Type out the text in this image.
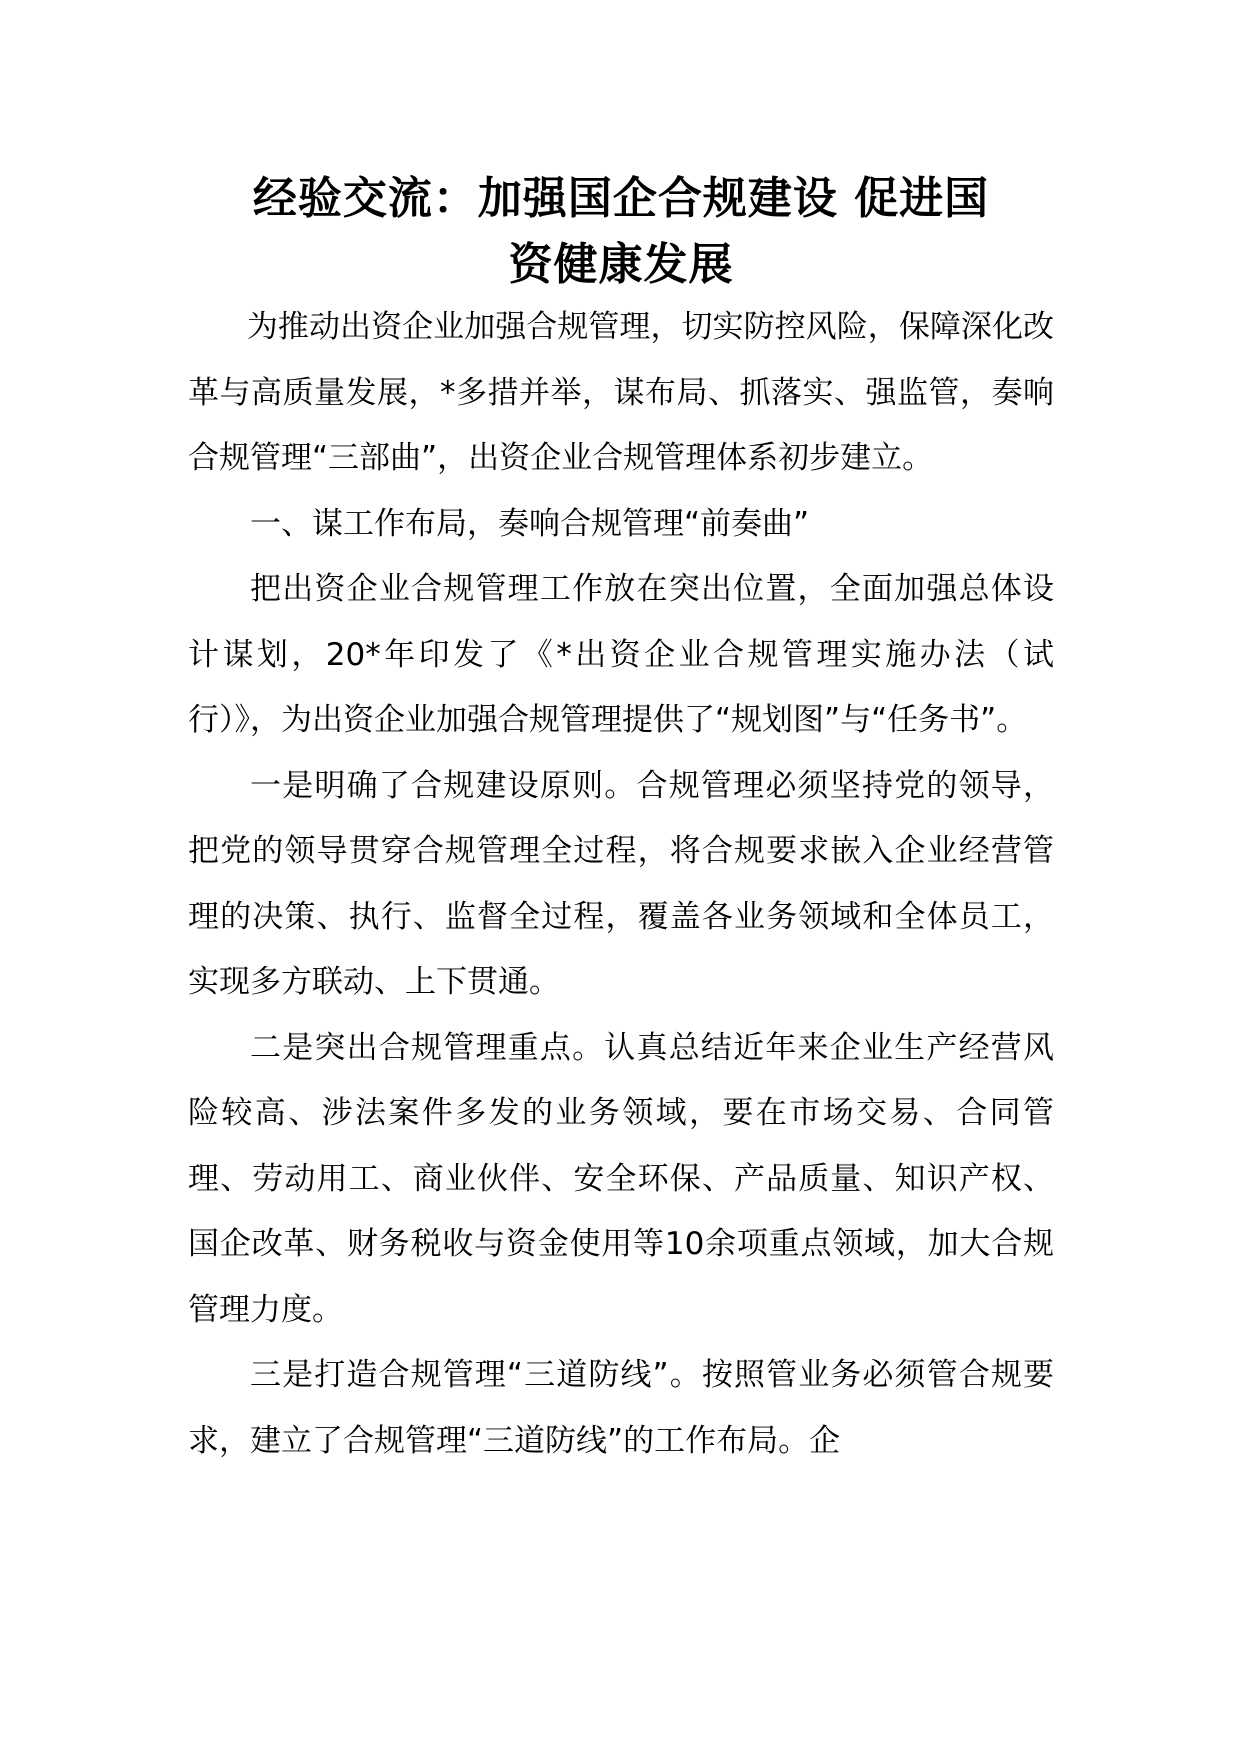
经验交流：加强国企合规建设 促进国
资健康发展

为推动出资企业加强合规管理，切实防控风险，保障深化改革与高质量发展，*多措并举，谋布局、抓落实、强监管，奏响合规管理“三部曲”，出资企业合规管理体系初步建立。

一、谋工作布局，奏响合规管理“前奏曲”

把出资企业合规管理工作放在突出位置，全面加强总体设计谋划，20*年印发了《*出资企业合规管理实施办法（试行）》，为出资企业加强合规管理提供了“规划图”与“任务书”。

一是明确了合规建设原则。合规管理必须坚持党的领导，把党的领导贯穿合规管理全过程，将合规要求嵌入企业经营管理的决策、执行、监督全过程，覆盖各业务领域和全体员工，实现多方联动、上下贯通。

二是突出合规管理重点。认真总结近年来企业生产经营风险较高、涉法案件多发的业务领域，要在市场交易、合同管理、劳动用工、商业伙伴、安全环保、产品质量、知识产权、国企改革、财务税收与资金使用等10余项重点领域，加大合规管理力度。

三是打造合规管理“三道防线”。按照管业务必须管合规要求，建立了合规管理“三道防线”的工作布局。企
